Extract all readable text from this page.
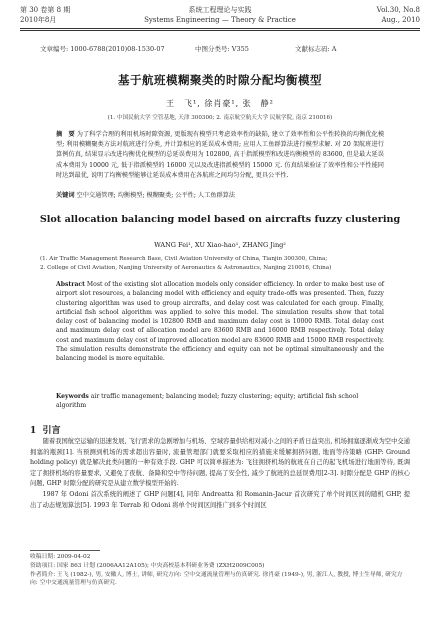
第 30 卷第 8 期	系统工程理论与实践	Vol.30, No.8
2010年8月	Systems Engineering — Theory & Practice	Aug., 2010
文章编号: 1000-6788(2010)08-1530-07	中图分类号: V355	文献标志码: A
基于航班模糊聚类的时隙分配均衡模型
王　飞¹, 徐肖豪¹, 张　静²
(1. 中国民航大学 空管基地, 天津 300300; 2. 南京航空航天大学 民航学院, 南京 210016)
摘　要 为了科学合理的利用机场时隙资源, 更版现有模型只考虑效率性的缺陷, 建立了效率性和公平性转换的均衡优化模型; 利用模糊聚类方法对航班进行分类, 并计算相应的延误成本费用; 应用人工鱼群算法进行模型求解. 对 20 架航班进行算例仿真, 结果显示改进均衡优化模型的总延误费用为 102800, 高于指派模型和改进均衡模型的 83600, 但是最大延误成本费用为 10000 元, 低于指派模型的 16000 元以及改进指派模型的 15000 元. 仿真结果验证了效率性和公平性能同时达到最优, 说明了均衡模型能够让延误成本费用在各航班之间均匀分配, 更具公平性.
关键词 空中交通管理; 均衡模型; 模糊聚类; 公平性; 人工鱼群算法
Slot allocation balancing model based on aircrafts fuzzy clustering
WANG Fei¹, XU Xiao-hao¹, ZHANG Jing²
(1. Air Traffic Management Research Base, Civil Aviation University of China, Tianjin 300300, China;
2. College of Civil Aviation, Nanjing University of Aeronautics & Astronautics, Nanjing 210016, China)
Abstract Most of the existing slot allocation models only consider efficiency. In order to make best use of airport slot resources, a balancing model with efficiency and equity trade-offs was presented. Then, fuzzy clustering algorithm was used to group aircrafts, and delay cost was calculated for each group. Finally, artificial fish school algorithm was applied to solve this model. The simulation results show that total delay cost of balancing model is 102800 RMB and maximum delay cost is 10000 RMB. Total delay cost and maximum delay cost of allocation model are 83600 RMB and 16000 RMB respectively. Total delay cost and maximum delay cost of improved allocation model are 83600 RMB and 15000 RMB respectively. The simulation results demonstrate the efficiency and equity can not be optimal simultaneously and the balancing model is more equitable.
Keywords air traffic management; balancing model; fuzzy clustering; equity; artificial fish school algorithm
1 引言
随着我国航空运输的迅速发展, 飞行需求的急剧增加与机场、空域容量供给相对减小之间的矛盾日益突出, 机场拥塞逐渐成为空中交通拥塞的瓶颈[1]. 当预测到机场的需求超出容量时, 流量管理部门就要采取相应的措施来缓解拥挤问题, 地面等待策略 (GHP: Ground holding policy) 就是解决此类问题的一种有效手段. GHP 可以简单描述为: 飞往拥挤机场的航班在自己的起飞机场进行地面等待, 既调定了拥挤机场的容量要求, 又避免了夜航、备降和空中等待问题, 提高了安全性, 减少了航班的总延误费用[2-3]. 时隙分配是 GHP 的核心问题, GHP 时隙分配的研究是从建立数学模型开始的.
1987 年 Odoni 首次系统的阐述了 GHP 问题[4], 同年 Andreatta 和 Romanin-Jacur 首次研究了单个时间区间的随机 GHP, 提出了动态规划算法[5]. 1993 年 Terrab 和 Odoni 将单个时间区间推广到多个时间区
收稿日期: 2009-04-02
资助项目: 国家 863 计划 (2006AA12A105); 中央高校基本科研业务费 (ZXH2009C005)
作者简介: 王飞 (1982-), 男, 安徽人, 博士, 讲师, 研究方向: 空中交通流量管理与仿真研究. 徐肖豪 (1949-), 男, 浙江人, 教授, 博士生导师, 研究方向: 空中交通流量管理与仿真研究.
